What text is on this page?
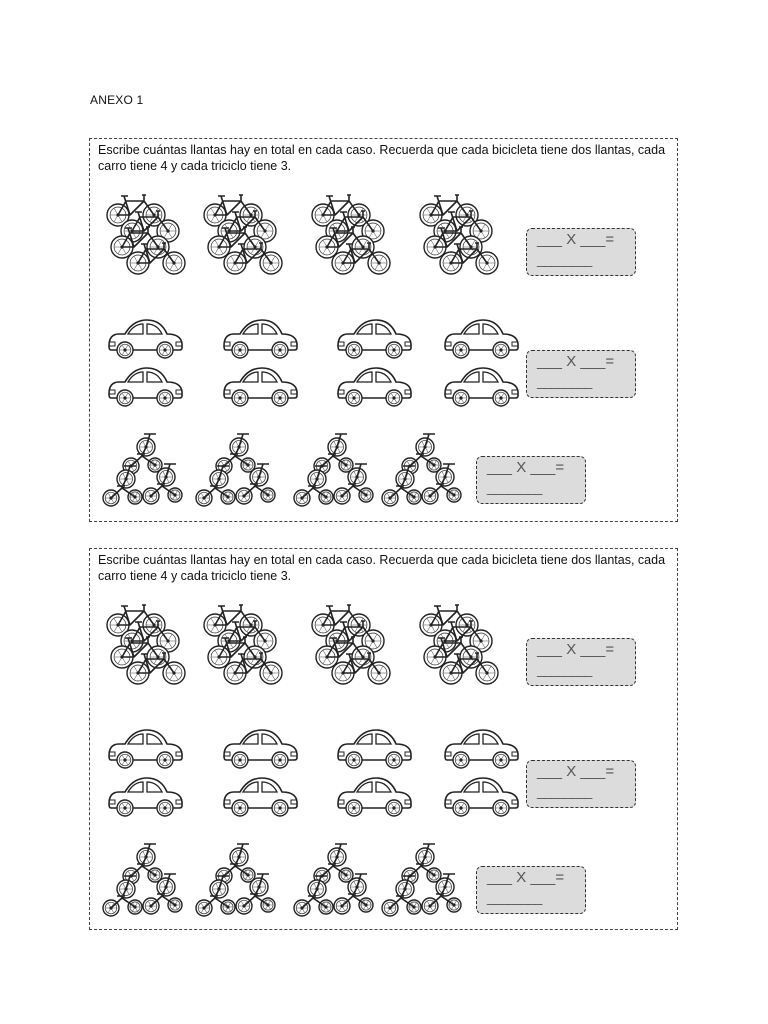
ANEXO 1

Escribe cuántas llantas hay en total en cada caso. Recuerda que cada bicicleta tiene dos llantas, cada carro tiene 4 y cada triciclo tiene 3.

___ X ___=
________
___ X ___=
________
___ X ___=
________

Escribe cuántas llantas hay en total en cada caso. Recuerda que cada bicicleta tiene dos llantas, cada carro tiene 4 y cada triciclo tiene 3.

___ X ___=
________
___ X ___=
________
___ X ___=
________
